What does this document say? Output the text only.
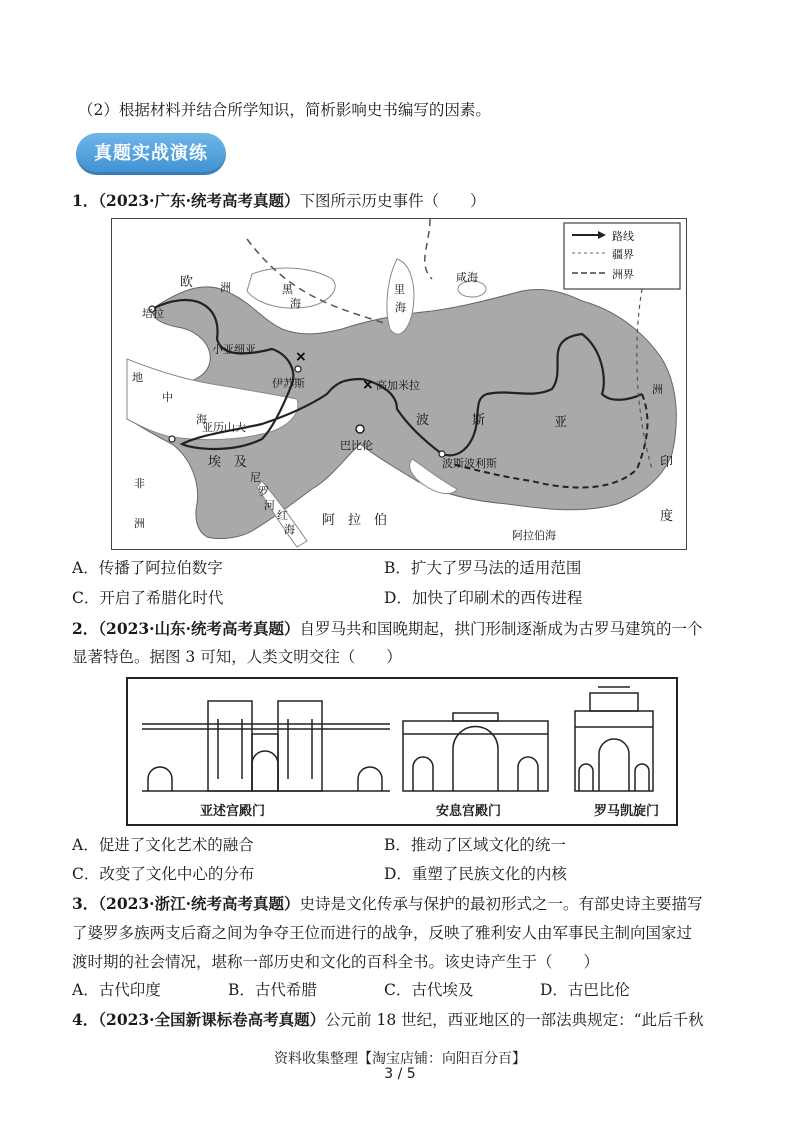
（2）根据材料并结合所学知识，简析影响史书编写的因素。
真题实战演练
1．（2023·广东·统考高考真题）下图所示历史事件（　　）
×
×
路线
疆界
洲界
欧 洲	黑
海
里
海
培拉
小亚细亚
伊苏斯	高加米拉
巴比伦
波	斯
波斯波利斯
亚历山大
埃 及
地
中
海
尼
罗
河
红
海
非
洲	阿 拉 伯
阿拉伯海
亚
洲
印
度
咸海
A．传播了阿拉伯数字	B．扩大了罗马法的适用范围
C．开启了希腊化时代	D．加快了印刷术的西传进程
2．（2023·山东·统考高考真题）自罗马共和国晚期起，拱门形制逐渐成为古罗马建筑的一个
显著特色。据图 3 可知，人类文明交往（　　）
亚述宫殿门	安息宫殿门	罗马凯旋门
A．促进了文化艺术的融合	B．推动了区域文化的统一
C．改变了文化中心的分布	D．重塑了民族文化的内核
3．（2023·浙江·统考高考真题）史诗是文化传承与保护的最初形式之一。有部史诗主要描写
了婆罗多族两支后裔之间为争夺王位而进行的战争，反映了雅利安人由军事民主制向国家过
渡时期的社会情况，堪称一部历史和文化的百科全书。该史诗产生于（　　）
A．古代印度	B．古代希腊	C．古代埃及	D．古巴比伦
4．（2023·全国新课标卷高考真题）公元前 18 世纪，西亚地区的一部法典规定：“此后千秋
资料收集整理【淘宝店铺：向阳百分百】
3 / 5
